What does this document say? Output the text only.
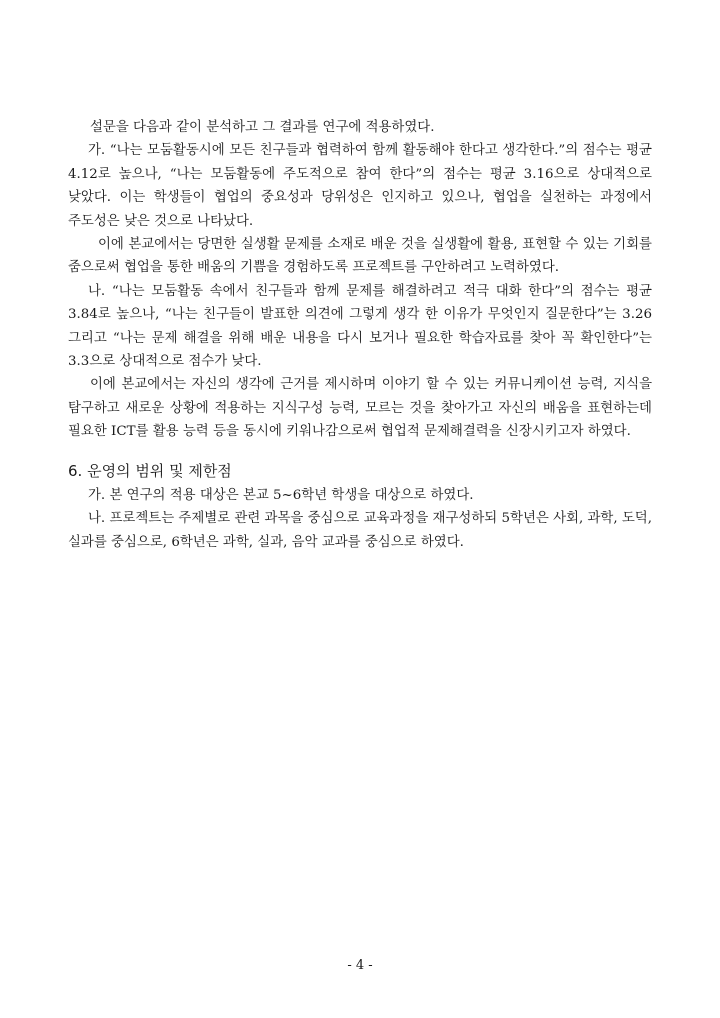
설문을 다음과 같이 분석하고 그 결과를 연구에 적용하였다.

가. “나는 모둠활동시에 모든 친구들과 협력하여 함께 활동해야 한다고 생각한다.”의 점수는 평균 4.12로 높으나, “나는 모둠활동에 주도적으로 참여 한다”의 점수는 평균 3.16으로 상대적으로 낮았다. 이는 학생들이 협업의 중요성과 당위성은 인지하고 있으나, 협업을 실천하는 과정에서 주도성은 낮은 것으로 나타났다.

이에 본교에서는 당면한 실생활 문제를 소재로 배운 것을 실생활에 활용, 표현할 수 있는 기회를 줌으로써 협업을 통한 배움의 기쁨을 경험하도록 프로젝트를 구안하려고 노력하였다.

나. “나는 모둠활동 속에서 친구들과 함께 문제를 해결하려고 적극 대화 한다”의 점수는 평균 3.84로 높으나, “나는 친구들이 발표한 의견에 그렇게 생각 한 이유가 무엇인지 질문한다”는 3.26 그리고 “나는 문제 해결을 위해 배운 내용을 다시 보거나 필요한 학습자료를 찾아 꼭 확인한다”는 3.3으로 상대적으로 점수가 낮다.

이에 본교에서는 자신의 생각에 근거를 제시하며 이야기 할 수 있는 커뮤니케이션 능력, 지식을 탐구하고 새로운 상황에 적용하는 지식구성 능력, 모르는 것을 찾아가고 자신의 배움을 표현하는데 필요한 ICT를 활용 능력 등을 동시에 키워나감으로써 협업적 문제해결력을 신장시키고자 하였다.

6. 운영의 범위 및 제한점

가. 본 연구의 적용 대상은 본교 5~6학년 학생을 대상으로 하였다.

나. 프로젝트는 주제별로 관련 과목을 중심으로 교육과정을 재구성하되 5학년은 사회, 과학, 도덕, 실과를 중심으로, 6학년은 과학, 실과, 음악 교과를 중심으로 하였다.

- 4 -
